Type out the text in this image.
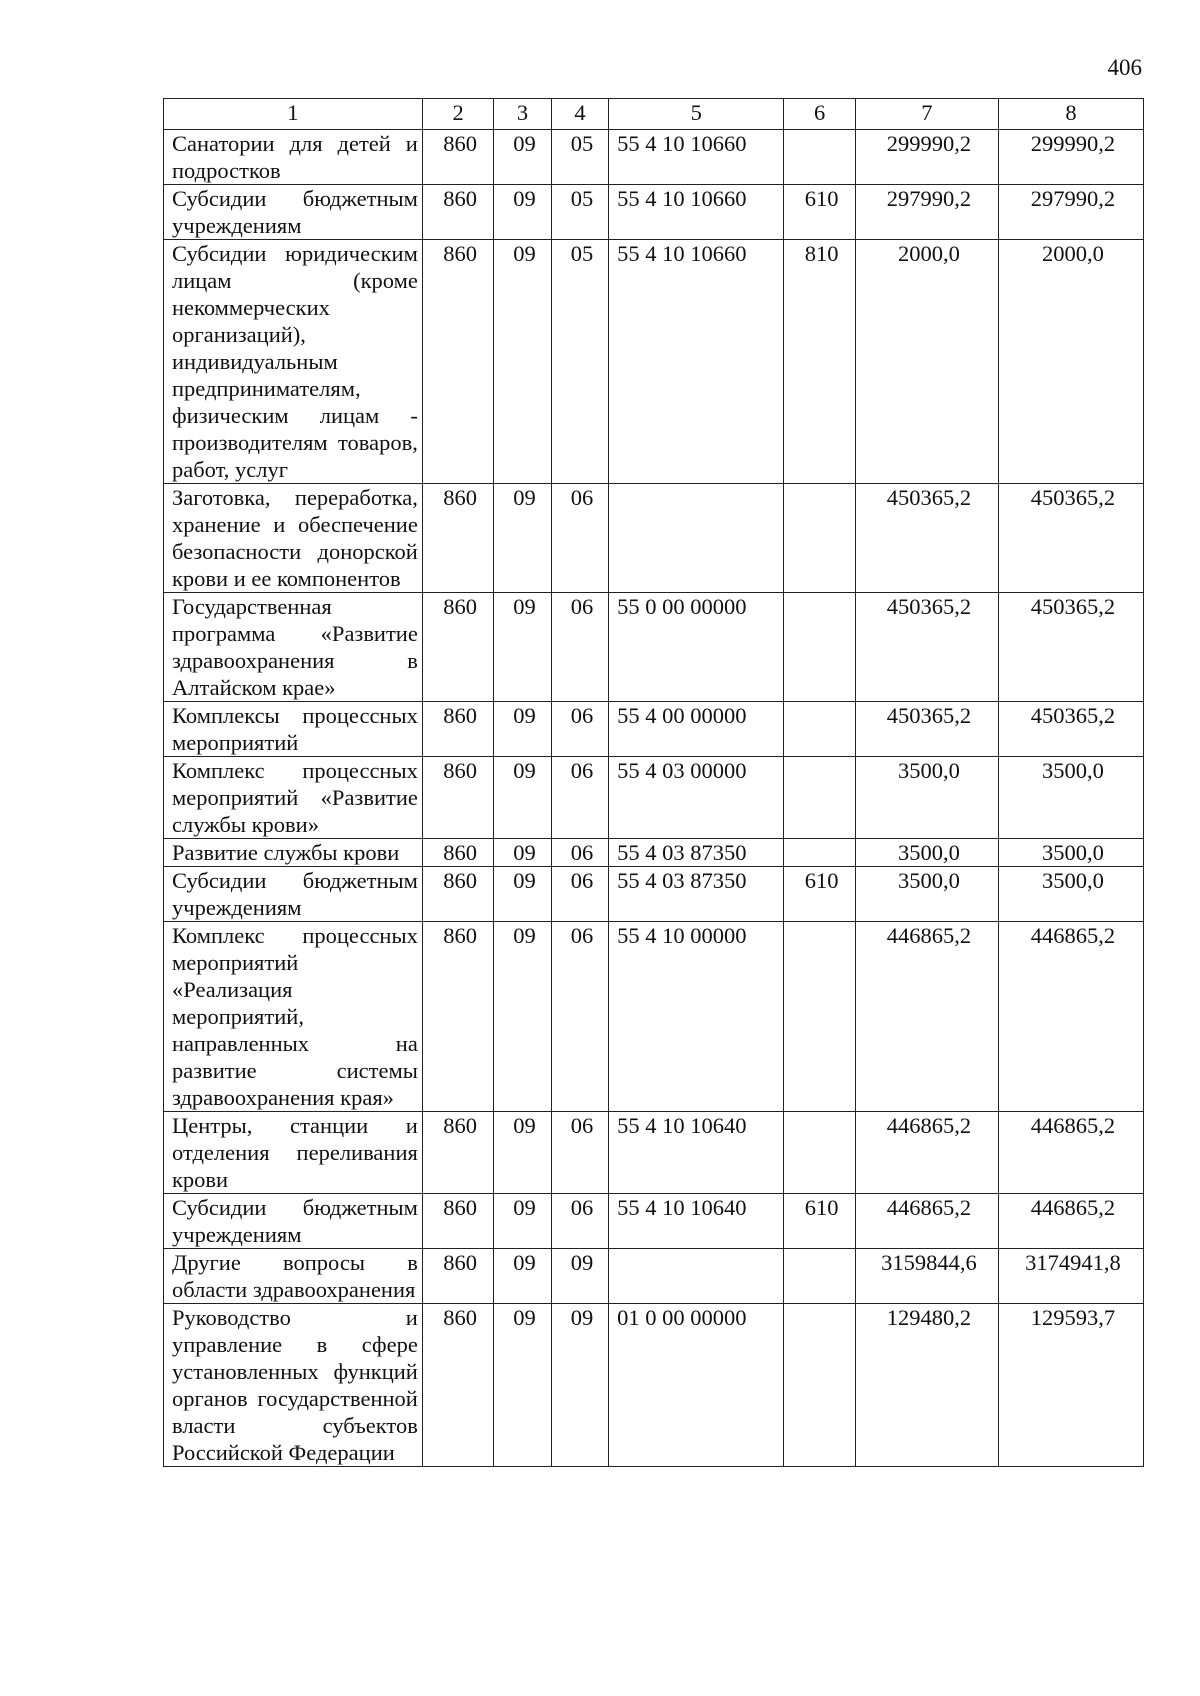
406
1	2	3	4	5	6	7	8
Санатории для детей и подростков	860	09	05	55 4 10 10660		299990,2	299990,2
Субсидии бюджетным учреждениям	860	09	05	55 4 10 10660	610	297990,2	297990,2
Субсидии юридическим лицам (кроме некоммерческих организаций), индивидуальным предпринимателям, физическим лицам - производителям товаров, работ, услуг	860	09	05	55 4 10 10660	810	2000,0	2000,0
Заготовка, переработка, хранение и обеспечение безопасности донорской крови и ее компонентов	860	09	06			450365,2	450365,2
Государственная программа «Развитие здравоохранения в Алтайском крае»	860	09	06	55 0 00 00000		450365,2	450365,2
Комплексы процессных мероприятий	860	09	06	55 4 00 00000		450365,2	450365,2
Комплекс процессных мероприятий «Развитие службы крови»	860	09	06	55 4 03 00000		3500,0	3500,0
Развитие службы крови	860	09	06	55 4 03 87350		3500,0	3500,0
Субсидии бюджетным учреждениям	860	09	06	55 4 03 87350	610	3500,0	3500,0
Комплекс процессных мероприятий «Реализация мероприятий, направленных на развитие системы здравоохранения края»	860	09	06	55 4 10 00000		446865,2	446865,2
Центры, станции и отделения переливания крови	860	09	06	55 4 10 10640		446865,2	446865,2
Субсидии бюджетным учреждениям	860	09	06	55 4 10 10640	610	446865,2	446865,2
Другие вопросы в области здравоохранения	860	09	09			3159844,6	3174941,8
Руководство и управление в сфере установленных функций органов государственной власти субъектов Российской Федерации	860	09	09	01 0 00 00000		129480,2	129593,7
